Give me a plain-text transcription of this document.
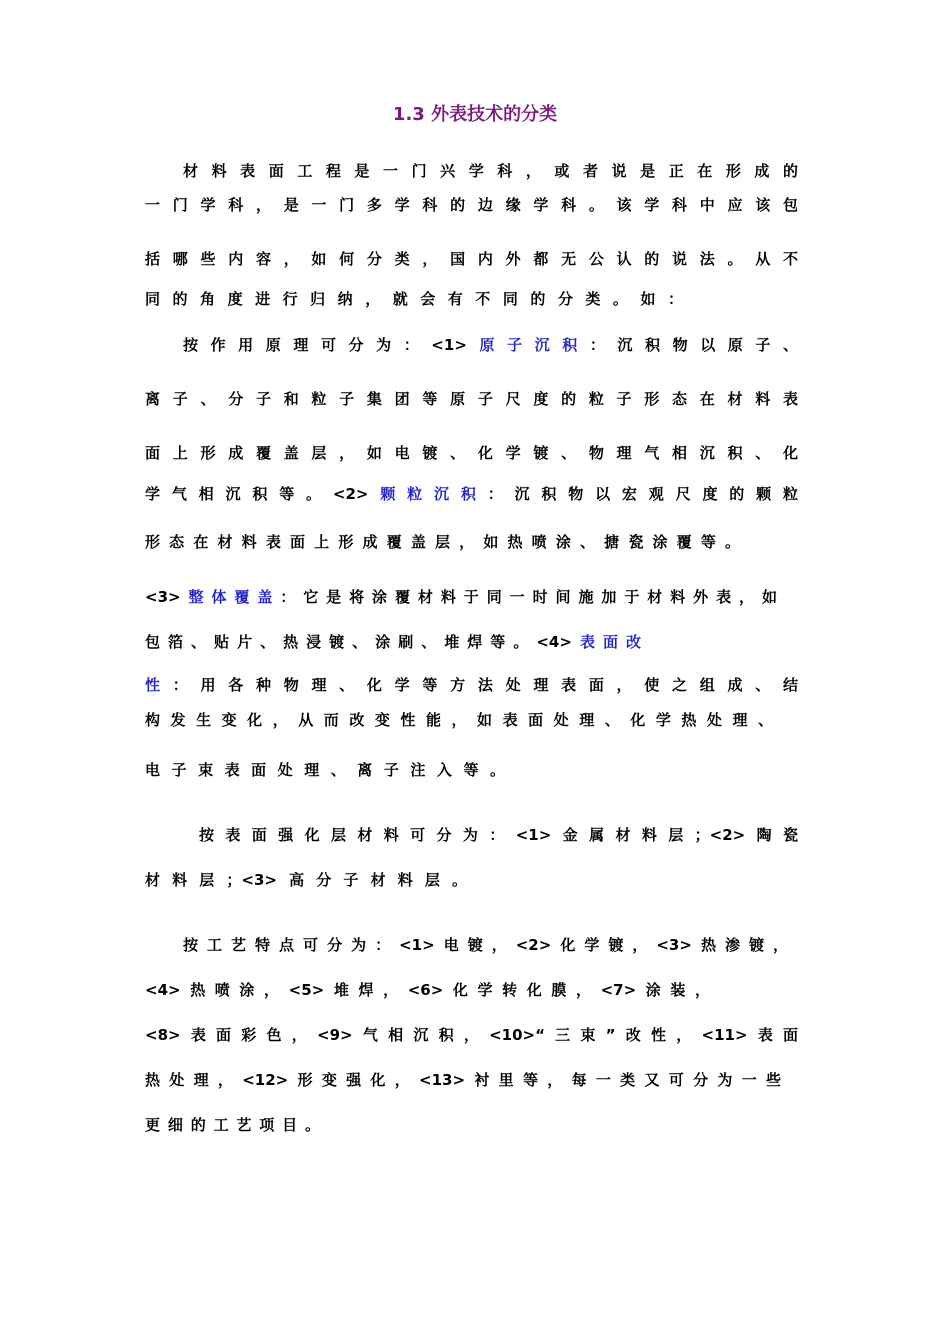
1.3 外表技术的分类
材料表面工程是一门兴学科，或者说是正在形成的
一门学科，是一门多学科的边缘学科。该学科中应该包
括哪些内容，如何分类，国内外都无公认的说法。从不
同的角度进行归纳，就会有不同的分类。如：
按作用原理可分为：<1>原子沉积：沉积物以原子、
离子、分子和粒子集团等原子尺度的粒子形态在材料表
面上形成覆盖层，如电镀、化学镀、物理气相沉积、化
学气相沉积等。<2>颗粒沉积：沉积物以宏观尺度的颗粒
形态在材料表面上形成覆盖层，如热喷涂、搪瓷涂覆等。
<3>整体覆盖：它是将涂覆材料于同一时间施加于材料外表，如
包箔、贴片、热浸镀、涂刷、堆焊等。<4>表面改
性：用各种物理、化学等方法处理表面，使之组成、结
构发生变化，从而改变性能，如表面处理、化学热处理、
电子束表面处理、离子注入等。
按表面强化层材料可分为：<1>金属材料层；<2>陶瓷
材料层；<3>高分子材料层。
按工艺特点可分为：<1>电镀，<2>化学镀，<3>热渗镀，
<4>热喷涂，<5>堆焊，<6>化学转化膜，<7>涂装，
<8>表面彩色，<9>气相沉积，<10>“三束”改性，<11>表面
热处理，<12>形变强化，<13>衬里等，每一类又可分为一些
更细的工艺项目。
